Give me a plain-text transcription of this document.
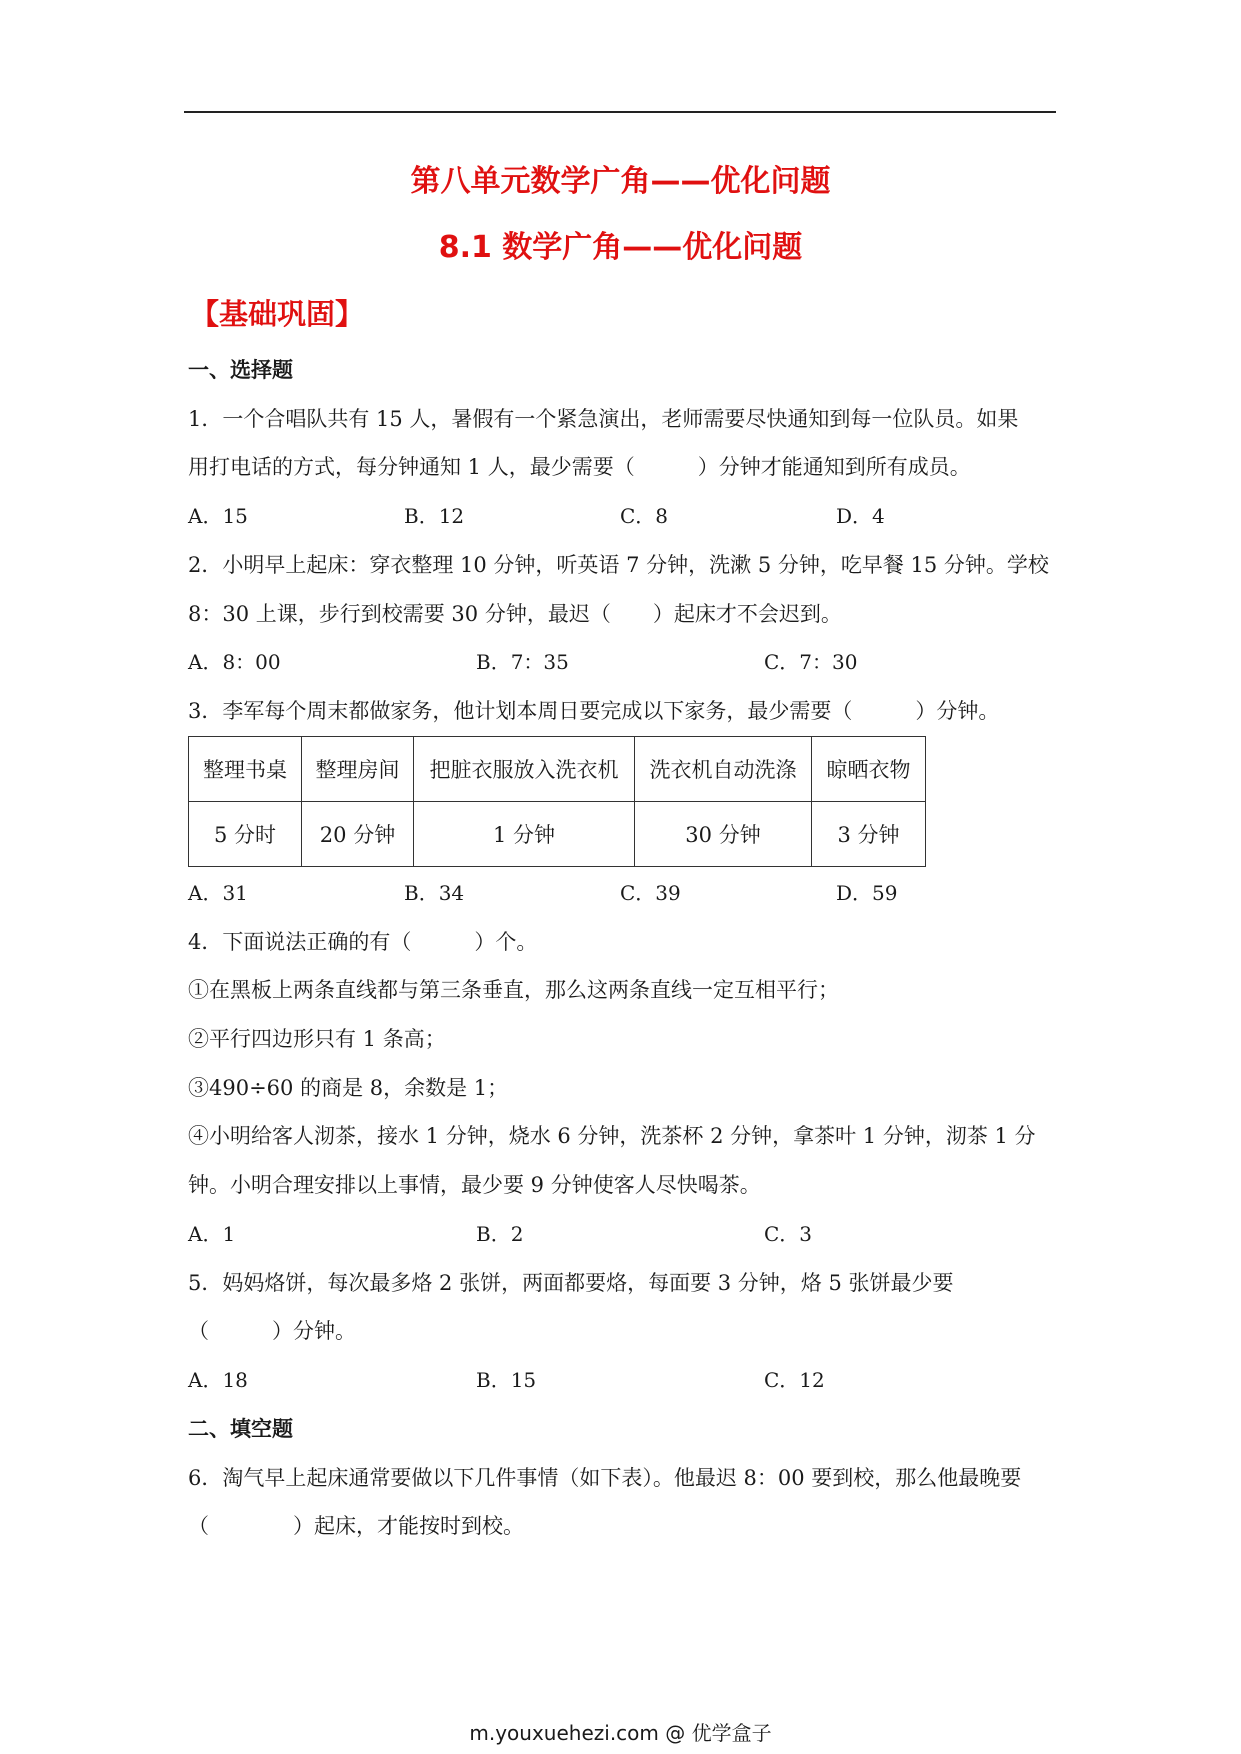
第八单元数学广角——优化问题
8.1 数学广角——优化问题
【基础巩固】
一、选择题
1．一个合唱队共有 15 人，暑假有一个紧急演出，老师需要尽快通知到每一位队员。如果
用打电话的方式，每分钟通知 1 人，最少需要（　　　）分钟才能通知到所有成员。
A．15	B．12	C．8	D．4
2．小明早上起床：穿衣整理 10 分钟，听英语 7 分钟，洗漱 5 分钟，吃早餐 15 分钟。学校
8：30 上课，步行到校需要 30 分钟，最迟（　　）起床才不会迟到。
A．8：00	B．7：35	C．7：30
3．李军每个周末都做家务，他计划本周日要完成以下家务，最少需要（　　　）分钟。
整理书桌	整理房间	把脏衣服放入洗衣机	洗衣机自动洗涤	晾晒衣物
5 分时	20 分钟	1 分钟	30 分钟	3 分钟
A．31	B．34	C．39	D．59
4．下面说法正确的有（　　　）个。
①在黑板上两条直线都与第三条垂直，那么这两条直线一定互相平行；
②平行四边形只有 1 条高；
③490÷60 的商是 8，余数是 1；
④小明给客人沏茶，接水 1 分钟，烧水 6 分钟，洗茶杯 2 分钟，拿茶叶 1 分钟，沏茶 1 分
钟。小明合理安排以上事情，最少要 9 分钟使客人尽快喝茶。
A．1	B．2	C．3
5．妈妈烙饼，每次最多烙 2 张饼，两面都要烙，每面要 3 分钟，烙 5 张饼最少要
（　　　）分钟。
A．18	B．15	C．12
二、填空题
6．淘气早上起床通常要做以下几件事情（如下表）。他最迟 8：00 要到校，那么他最晚要
（　　　　）起床，才能按时到校。
m.youxuehezi.com @ 优学盒子
